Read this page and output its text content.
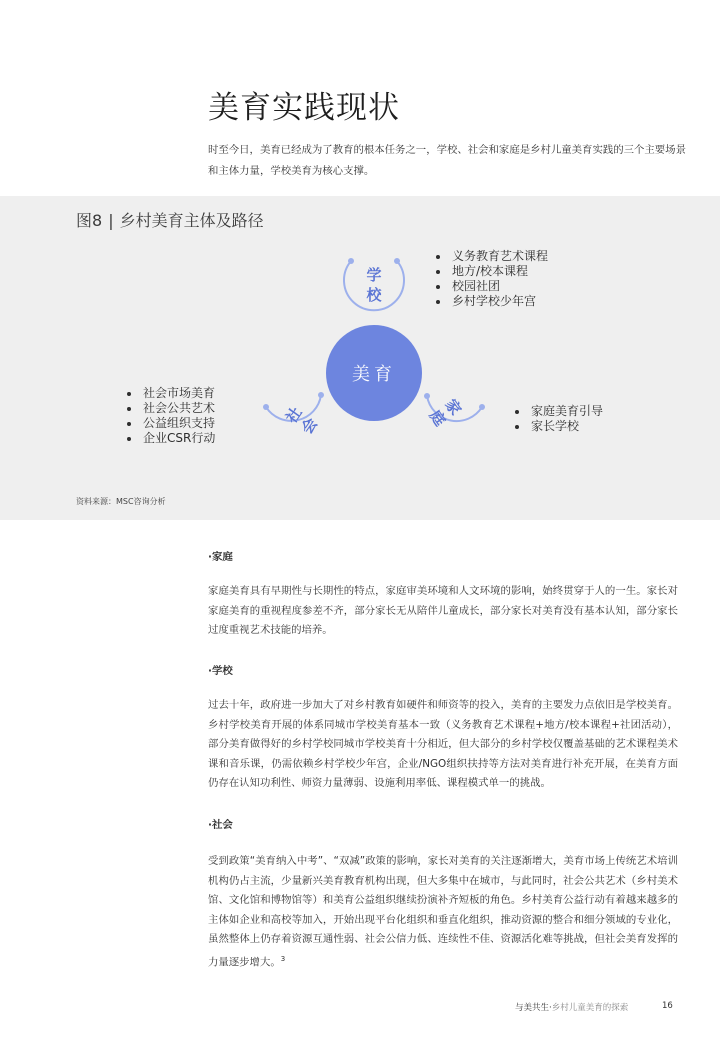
美育实践现状
时至今日，美育已经成为了教育的根本任务之一，学校、社会和家庭是乡村儿童美育实践的三个主要场景和主体力量，学校美育为核心支撑。
图8 | 乡村美育主体及路径
美育
学校
社会
家庭
义务教育艺术课程
地方/校本课程
校园社团
乡村学校少年宫
社会市场美育
社会公共艺术
公益组织支持
企业CSR行动
家庭美育引导
家长学校
资料来源：MSC咨询分析
·家庭
家庭美育具有早期性与长期性的特点，家庭审美环境和人文环境的影响，始终贯穿于人的一生。家长对家庭美育的重视程度参差不齐，部分家长无从陪伴儿童成长，部分家长对美育没有基本认知，部分家长过度重视艺术技能的培养。
·学校
过去十年，政府进一步加大了对乡村教育如硬件和师资等的投入，美育的主要发力点依旧是学校美育。乡村学校美育开展的体系同城市学校美育基本一致（义务教育艺术课程+地方/校本课程+社团活动），部分美育做得好的乡村学校同城市学校美育十分相近，但大部分的乡村学校仅覆盖基础的艺术课程美术课和音乐课，仍需依赖乡村学校少年宫，企业/NGO组织扶持等方法对美育进行补充开展，在美育方面仍存在认知功利性、师资力量薄弱、设施利用率低、课程模式单一的挑战。
·社会
受到政策“美育纳入中考”、“双减”政策的影响，家长对美育的关注逐渐增大，美育市场上传统艺术培训机构仍占主流，少量新兴美育教育机构出现，但大多集中在城市，与此同时，社会公共艺术（乡村美术馆、文化馆和博物馆等）和美育公益组织继续扮演补齐短板的角色。乡村美育公益行动有着越来越多的主体如企业和高校等加入，开始出现平台化组织和垂直化组织，推动资源的整合和细分领域的专业化，虽然整体上仍存着资源互通性弱、社会公信力低、连续性不佳、资源活化难等挑战，但社会美育发挥的力量逐步增大。$^3$
与美共生·乡村儿童美育的探索	16
